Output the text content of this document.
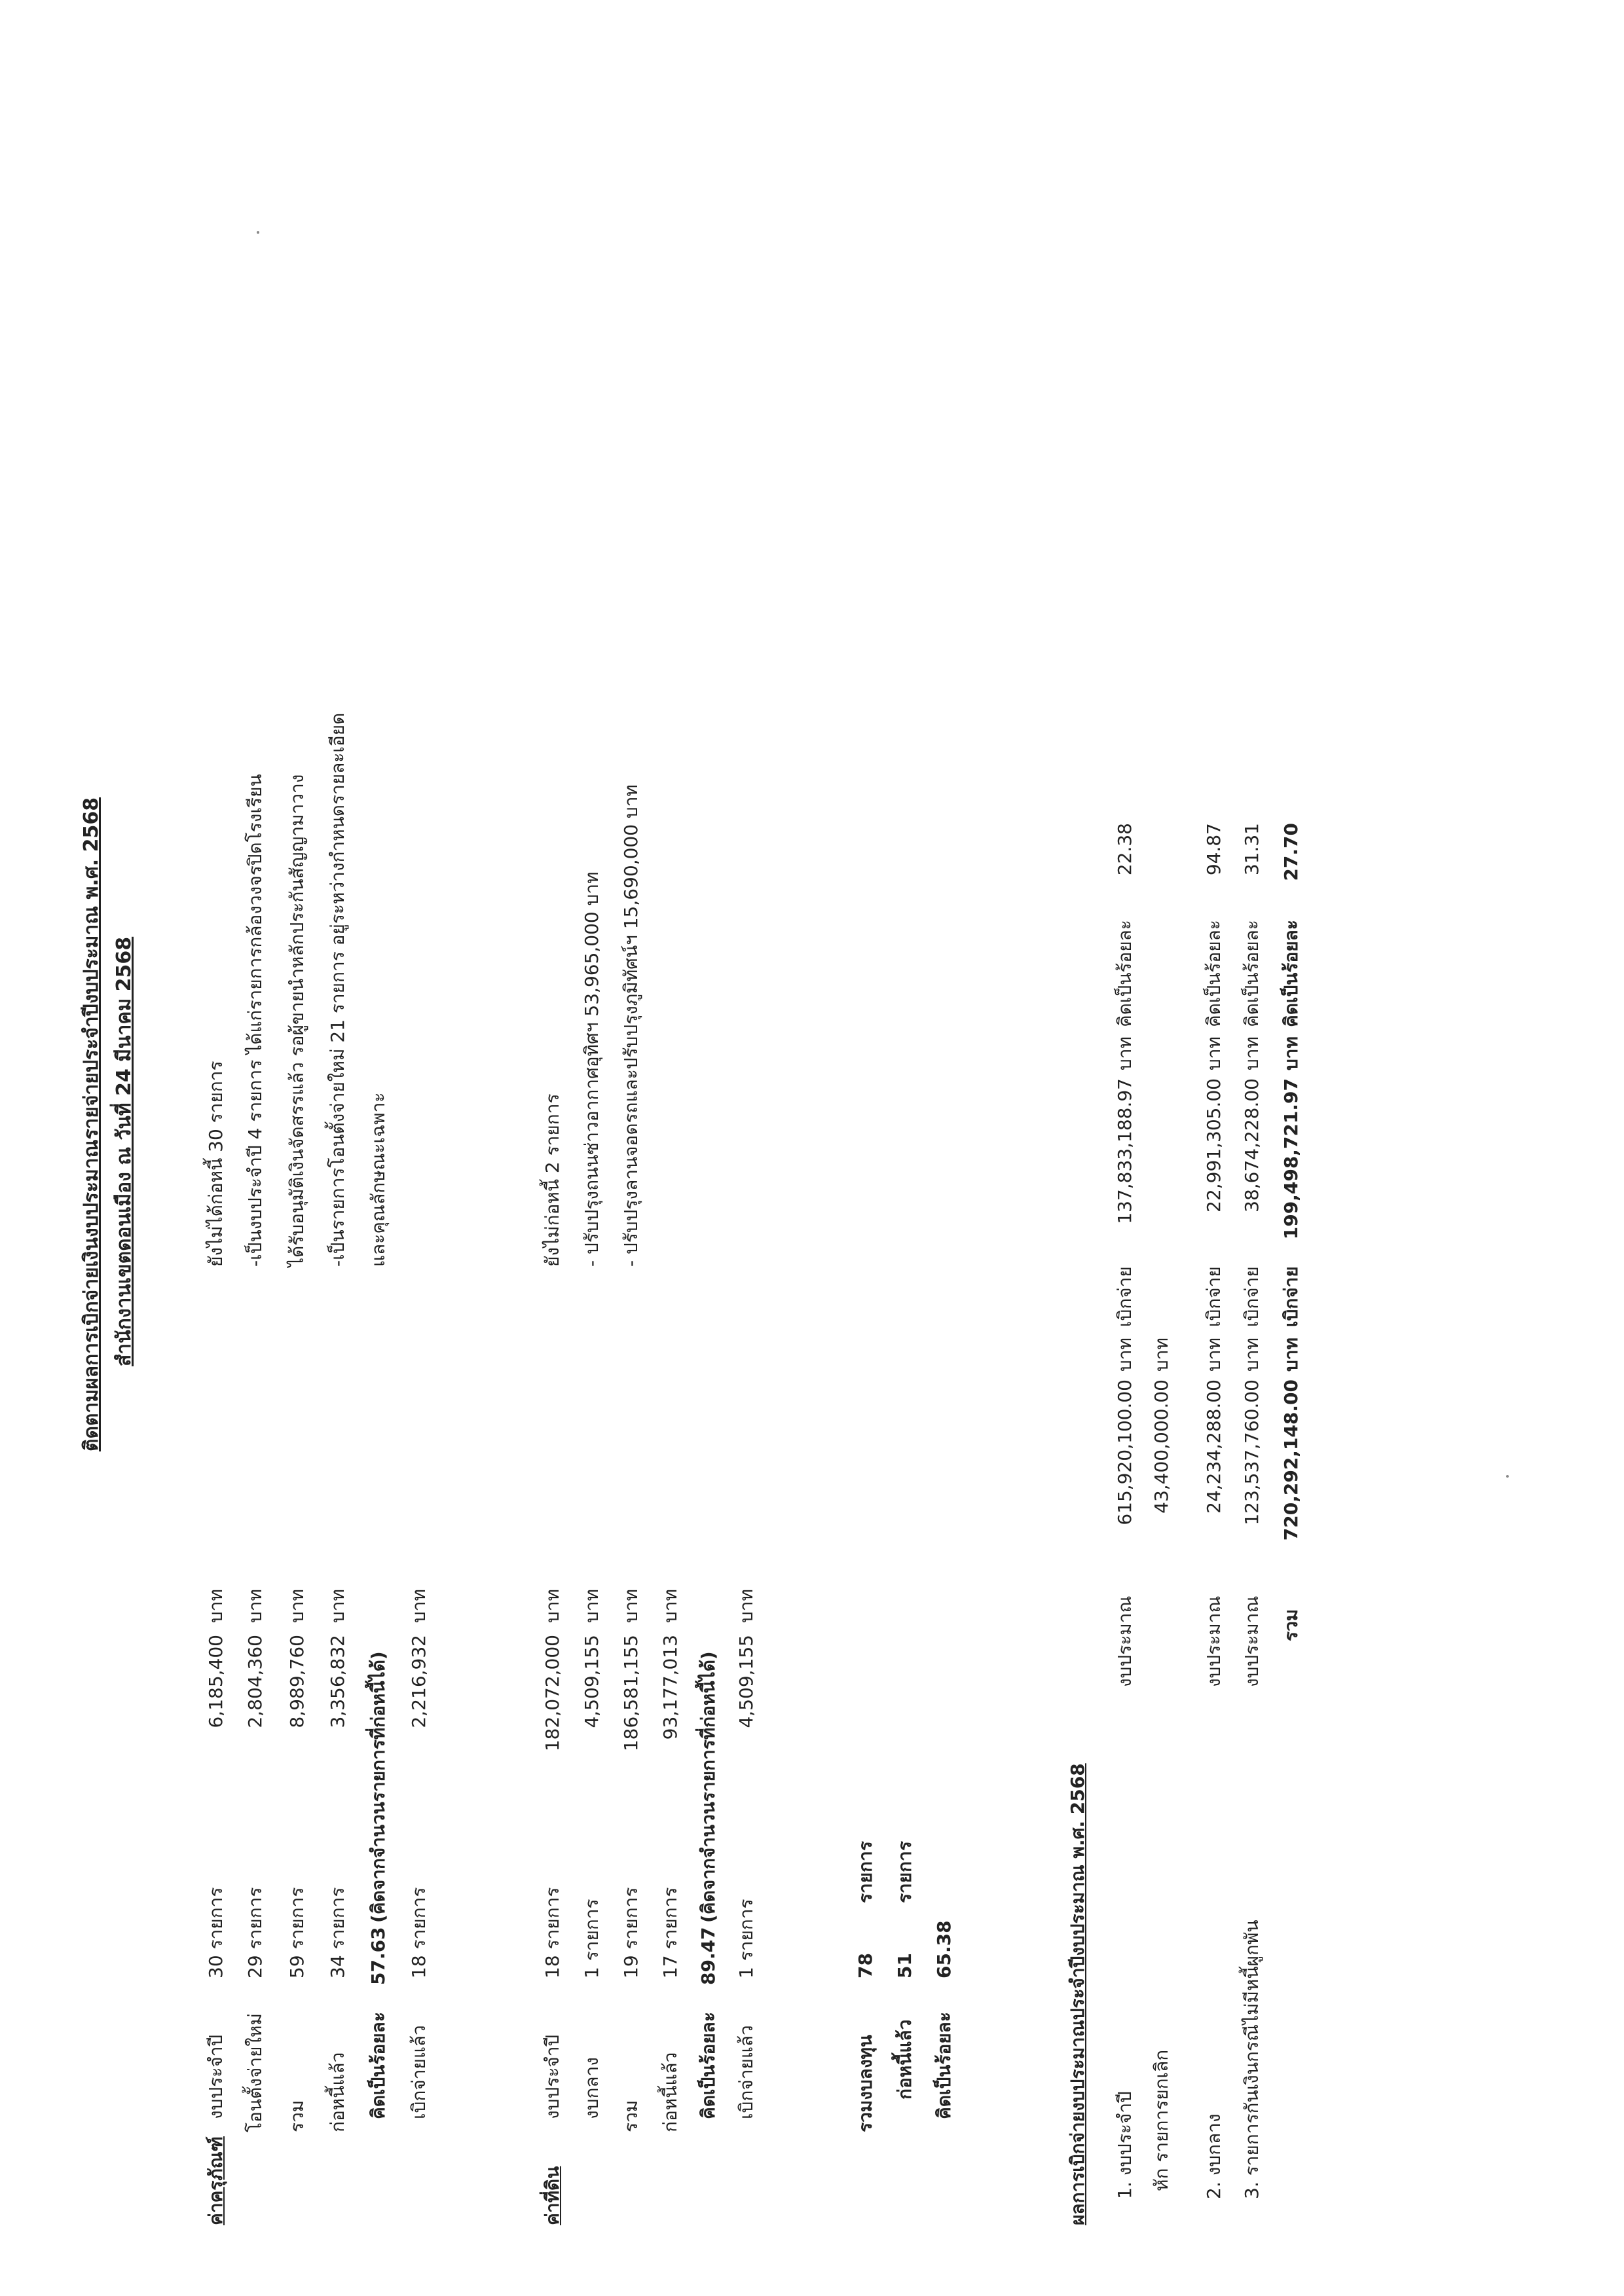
ติดตามผลการเบิกจ่ายเงินงบประมาณรายจ่ายประจำปีงบประมาณ พ.ศ. 2568 สำนักงานเขตดอนเมือง ณ วันที่ 24 มีนาคม 2568
ค่าครุภัณฑ์
งบประจำปี
30 รายการ
6,185,400
บาท
ยังไม่ได้ก่อหนี้ 30 รายการ
โอนตั้งจ่ายใหม่
29 รายการ
2,804,360
บาท
-เป็นงบประจำปี 4 รายการ ได้แก่รายการกล้องวงจรปิดโรงเรียน
รวม
59 รายการ
8,989,760
บาท
ได้รับอนุมัติเงินจัดสรรแล้ว รอผู้ขายนำหลักประกันสัญญามาวาง
ก่อหนี้แล้ว
34 รายการ
3,356,832
บาท
-เป็นรายการโอนตั้งจ่ายใหม่ 21 รายการ อยู่ระหว่างกำหนดรายละเอียด
คิดเป็นร้อยละ
57.63
(คิดจากจำนวนรายการที่ก่อหนี้ได้)
และคุณลักษณะเฉพาะ
เบิกจ่ายแล้ว
18 รายการ
2,216,932
บาท
ค่าที่ดิน
งบประจำปี
18 รายการ
182,072,000
บาท
ยังไม่ก่อหนี้ 2 รายการ
งบกลาง
1 รายการ
4,509,155
บาท
- ปรับปรุงถนนซ่าวอากาศอุทิศฯ 53,965,000 บาท
รวม
19 รายการ
186,581,155
บาท
- ปรับปรุงลานจอดรถและปรับปรุงภูมิทัศน์ฯ 15,690,000 บาท
ก่อหนี้แล้ว
17 รายการ
93,177,013
บาท
คิดเป็นร้อยละ
89.47
(คิดจากจำนวนรายการที่ก่อหนี้ได้)
เบิกจ่ายแล้ว
1 รายการ
4,509,155
บาท
รวมงบลงทุน
78
รายการ
ก่อหนี้แล้ว
51
รายการ
คิดเป็นร้อยละ
65.38	ผลการเบิกจ่ายงบประมาณประจำปีงบประมาณ พ.ศ. 2568 1. งบประจำปี
งบประมาณ
615,920,100.00
บาท
เบิกจ่าย
137,833,188.97
บาท
คิดเป็นร้อยละ
22.38
หัก รายการยกเลิก
43,400,000.00
บาท
2. งบกลาง
งบประมาณ
24,234,288.00
บาท
เบิกจ่าย
22,991,305.00
บาท
คิดเป็นร้อยละ
94.87
3. รายการกันเงินกรณีไม่มีหนี้ผูกพัน
งบประมาณ
123,537,760.00
บาท
เบิกจ่าย
38,674,228.00
บาท
คิดเป็นร้อยละ
31.31
รวม
720,292,148.00
บาท
เบิกจ่าย
199,498,721.97
บาท
คิดเป็นร้อยละ
27.70
